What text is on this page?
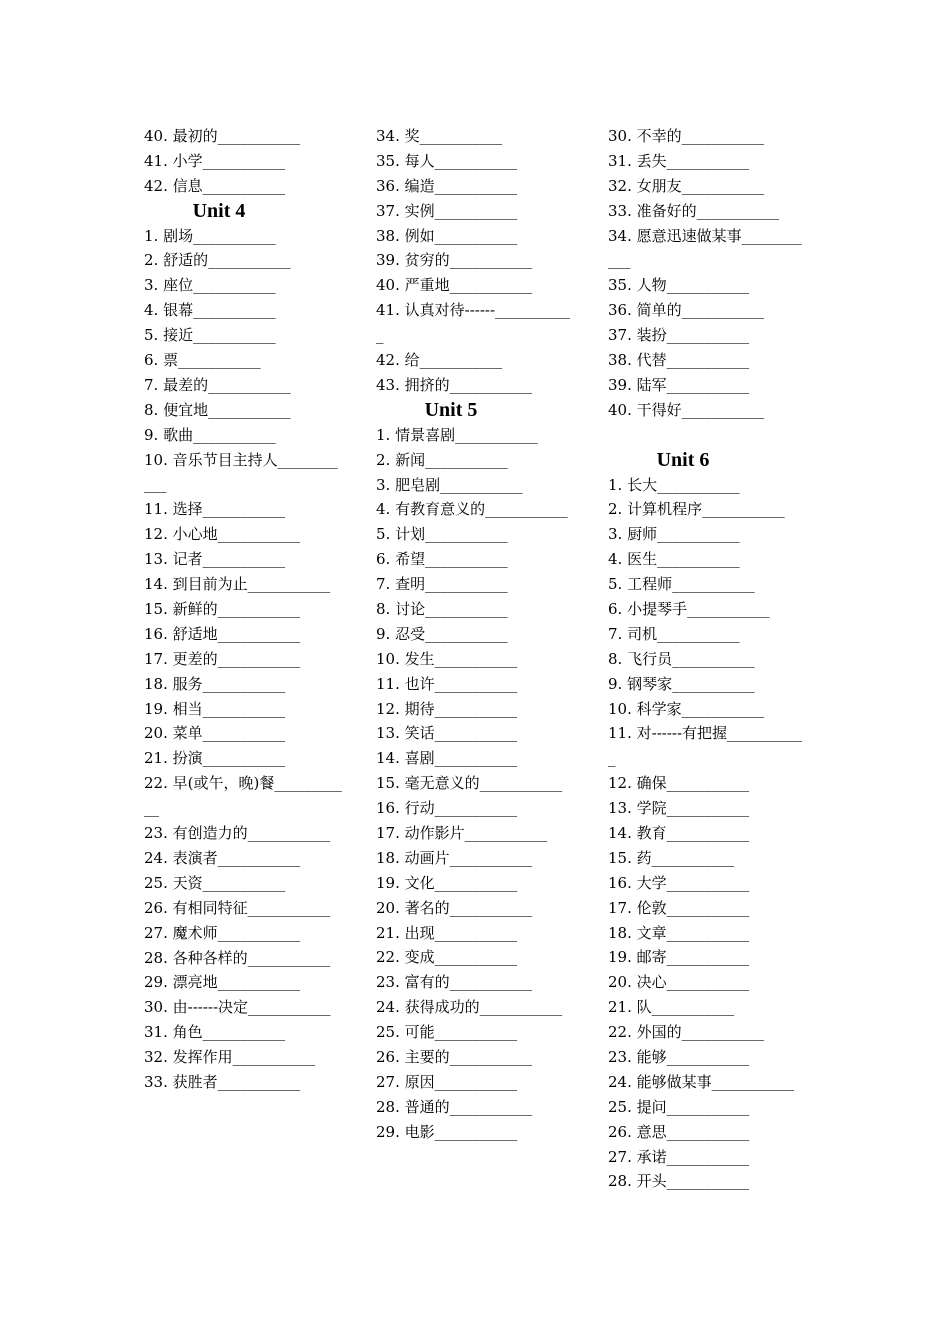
40. 最初的___________
41. 小学___________
42. 信息___________
Unit 4
1. 剧场___________
2. 舒适的___________
3. 座位___________
4. 银幕___________
5. 接近___________
6. 票___________
7. 最差的___________
8. 便宜地___________
9. 歌曲___________
10. 音乐节目主持人___________
11. 选择___________
12. 小心地___________
13. 记者___________
14. 到目前为止___________
15. 新鲜的___________
16. 舒适地___________
17. 更差的___________
18. 服务___________
19. 相当___________
20. 菜单___________
21. 扮演___________
22. 早(或午，晚)餐___________
23. 有创造力的___________
24. 表演者___________
25. 天资___________
26. 有相同特征___________
27. 魔术师___________
28. 各种各样的___________
29. 漂亮地___________
30. 由------决定___________
31. 角色___________
32. 发挥作用___________
33. 获胜者___________
34. 奖___________
35. 每人___________
36. 编造___________
37. 实例___________
38. 例如___________
39. 贫穷的___________
40. 严重地___________
41. 认真对待------___________
42. 给___________
43. 拥挤的___________
Unit 5
1. 情景喜剧___________
2. 新闻___________
3. 肥皂剧___________
4. 有教育意义的___________
5. 计划___________
6. 希望___________
7. 查明___________
8. 讨论___________
9. 忍受___________
10. 发生___________
11. 也许___________
12. 期待___________
13. 笑话___________
14. 喜剧___________
15. 毫无意义的___________
16. 行动___________
17. 动作影片___________
18. 动画片___________
19. 文化___________
20. 著名的___________
21. 出现___________
22. 变成___________
23. 富有的___________
24. 获得成功的___________
25. 可能___________
26. 主要的___________
27. 原因___________
28. 普通的___________
29. 电影___________
30. 不幸的___________
31. 丢失___________
32. 女朋友___________
33. 准备好的___________
34. 愿意迅速做某事___________
35. 人物___________
36. 简单的___________
37. 装扮___________
38. 代替___________
39. 陆军___________
40. 干得好___________
Unit 6
1. 长大___________
2. 计算机程序___________
3. 厨师___________
4. 医生___________
5. 工程师___________
6. 小提琴手___________
7. 司机___________
8. 飞行员___________
9. 钢琴家___________
10. 科学家___________
11. 对------有把握___________
12. 确保___________
13. 学院___________
14. 教育___________
15. 药___________
16. 大学___________
17. 伦敦___________
18. 文章___________
19. 邮寄___________
20. 决心___________
21. 队___________
22. 外国的___________
23. 能够___________
24. 能够做某事___________
25. 提问___________
26. 意思___________
27. 承诺___________
28. 开头___________
